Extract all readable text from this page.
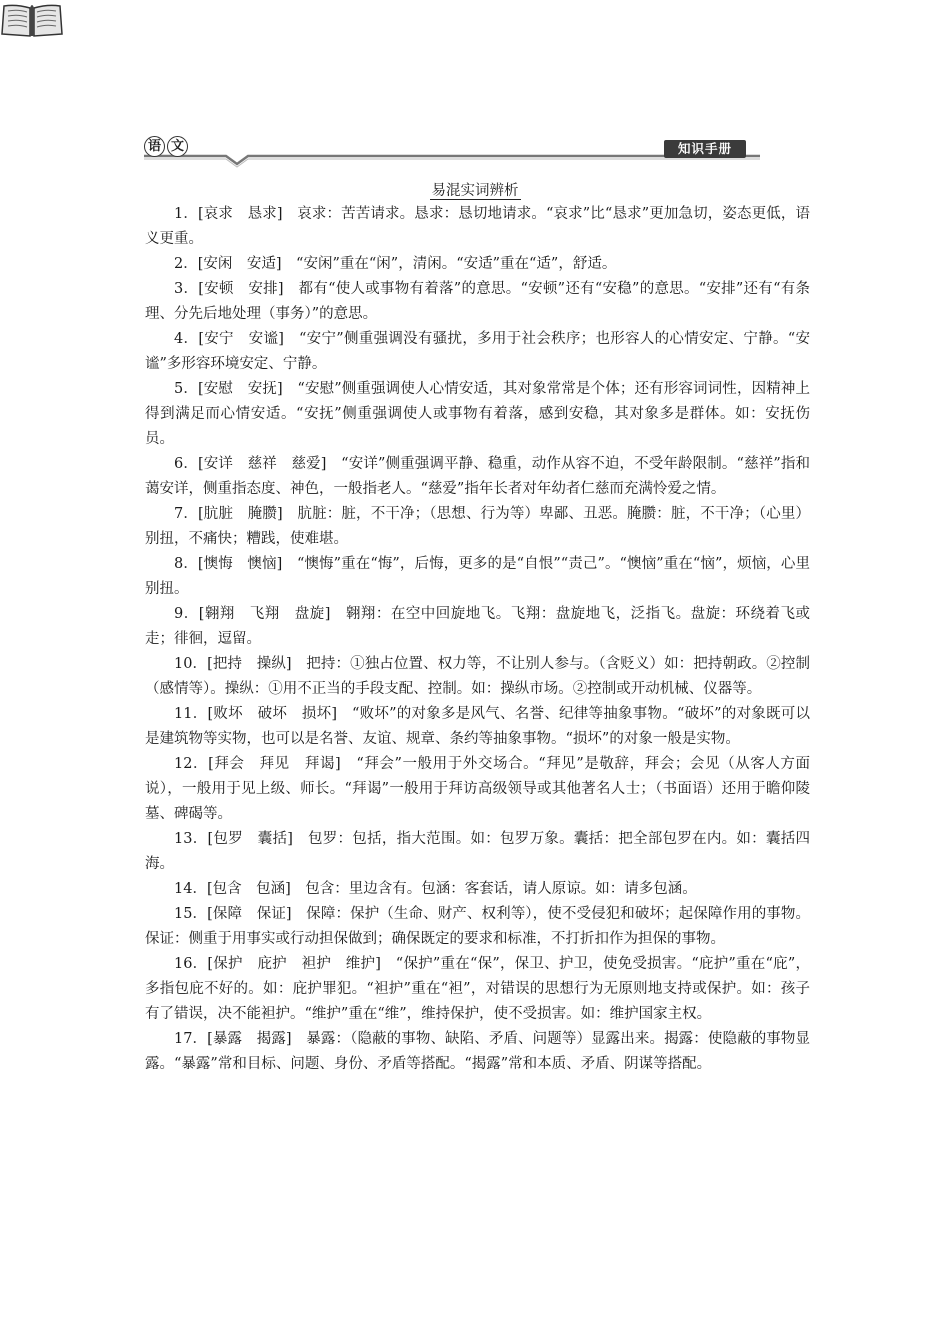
语 文	知识手册
易混实词辨析

1．[哀求　恳求]　哀求：苦苦请求。恳求：恳切地请求。“哀求”比“恳求”更加急切，姿态更低，语义更重。

2．[安闲　安适]　“安闲”重在“闲”，清闲。“安适”重在“适”，舒适。

3．[安顿　安排]　都有“使人或事物有着落”的意思。“安顿”还有“安稳”的意思。“安排”还有“有条理、分先后地处理（事务）”的意思。

4．[安宁　安谧]　“安宁”侧重强调没有骚扰，多用于社会秩序；也形容人的心情安定、宁静。“安谧”多形容环境安定、宁静。

5．[安慰　安抚]　“安慰”侧重强调使人心情安适，其对象常常是个体；还有形容词词性，因精神上得到满足而心情安适。“安抚”侧重强调使人或事物有着落，感到安稳，其对象多是群体。如：安抚伤员。

6．[安详　慈祥　慈爱]　“安详”侧重强调平静、稳重，动作从容不迫，不受年龄限制。“慈祥”指和蔼安详，侧重指态度、神色，一般指老人。“慈爱”指年长者对年幼者仁慈而充满怜爱之情。

7．[肮脏　腌臜]　肮脏：脏，不干净；（思想、行为等）卑鄙、丑恶。腌臜：脏，不干净；（心里）别扭，不痛快；糟践，使难堪。

8．[懊悔　懊恼]　“懊悔”重在“悔”，后悔，更多的是“自恨”“责己”。“懊恼”重在“恼”，烦恼，心里别扭。

9．[翱翔　飞翔　盘旋]　翱翔：在空中回旋地飞。飞翔：盘旋地飞，泛指飞。盘旋：环绕着飞或走；徘徊，逗留。

10．[把持　操纵]　把持：①独占位置、权力等，不让别人参与。（含贬义）如：把持朝政。②控制（感情等）。操纵：①用不正当的手段支配、控制。如：操纵市场。②控制或开动机械、仪器等。

11．[败坏　破坏　损坏]　“败坏”的对象多是风气、名誉、纪律等抽象事物。“破坏”的对象既可以是建筑物等实物，也可以是名誉、友谊、规章、条约等抽象事物。“损坏”的对象一般是实物。

12．[拜会　拜见　拜谒]　“拜会”一般用于外交场合。“拜见”是敬辞，拜会；会见（从客人方面说），一般用于见上级、师长。“拜谒”一般用于拜访高级领导或其他著名人士；（书面语）还用于瞻仰陵墓、碑碣等。

13．[包罗　囊括]　包罗：包括，指大范围。如：包罗万象。囊括：把全部包罗在内。如：囊括四海。

14．[包含　包涵]　包含：里边含有。包涵：客套话，请人原谅。如：请多包涵。

15．[保障　保证]　保障：保护（生命、财产、权利等），使不受侵犯和破坏；起保障作用的事物。保证：侧重于用事实或行动担保做到；确保既定的要求和标准，不打折扣作为担保的事物。

16．[保护　庇护　袒护　维护]　“保护”重在“保”，保卫、护卫，使免受损害。“庇护”重在“庇”，多指包庇不好的。如：庇护罪犯。“袒护”重在“袒”，对错误的思想行为无原则地支持或保护。如：孩子有了错误，决不能袒护。“维护”重在“维”，维持保护，使不受损害。如：维护国家主权。

17．[暴露　揭露]　暴露：（隐蔽的事物、缺陷、矛盾、问题等）显露出来。揭露：使隐蔽的事物显露。“暴露”常和目标、问题、身份、矛盾等搭配。“揭露”常和本质、矛盾、阴谋等搭配。
